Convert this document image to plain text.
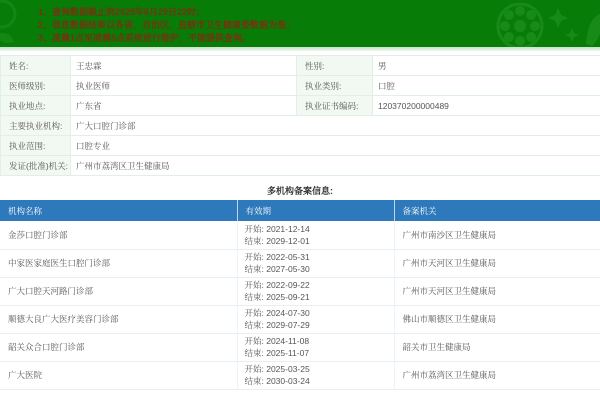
1、查询数据截止到2025年6月29日22时；
2、信息数据结果以各省、自治区、直辖市卫生健康委数据为准；
3、凌晨1点至凌晨5点系统进行维护，不能提供查询。
姓名:	王忠霖	性别:	男
医师级别:	执业医师	执业类别:	口腔
执业地点:	广东省	执业证书编码:	120370200000489
主要执业机构:	广大口腔门诊部		
执业范围:	口腔专业		
发证(批准)机关:	广州市荔湾区卫生健康局		
多机构备案信息:
机构名称	有效期	备案机关
金莎口腔门诊部	开始: 2021-12-14
结束: 2029-12-01	广州市南沙区卫生健康局
中家医家庭医生口腔门诊部	开始: 2022-05-31
结束: 2027-05-30	广州市天河区卫生健康局
广大口腔天河路门诊部	开始: 2022-09-22
结束: 2025-09-21	广州市天河区卫生健康局
顺德大良广大医疗美容门诊部	开始: 2024-07-30
结束: 2029-07-29	佛山市顺德区卫生健康局
韶关众合口腔门诊部	开始: 2024-11-08
结束: 2025-11-07	韶关市卫生健康局
广大医院	开始: 2025-03-25
结束: 2030-03-24	广州市荔湾区卫生健康局
